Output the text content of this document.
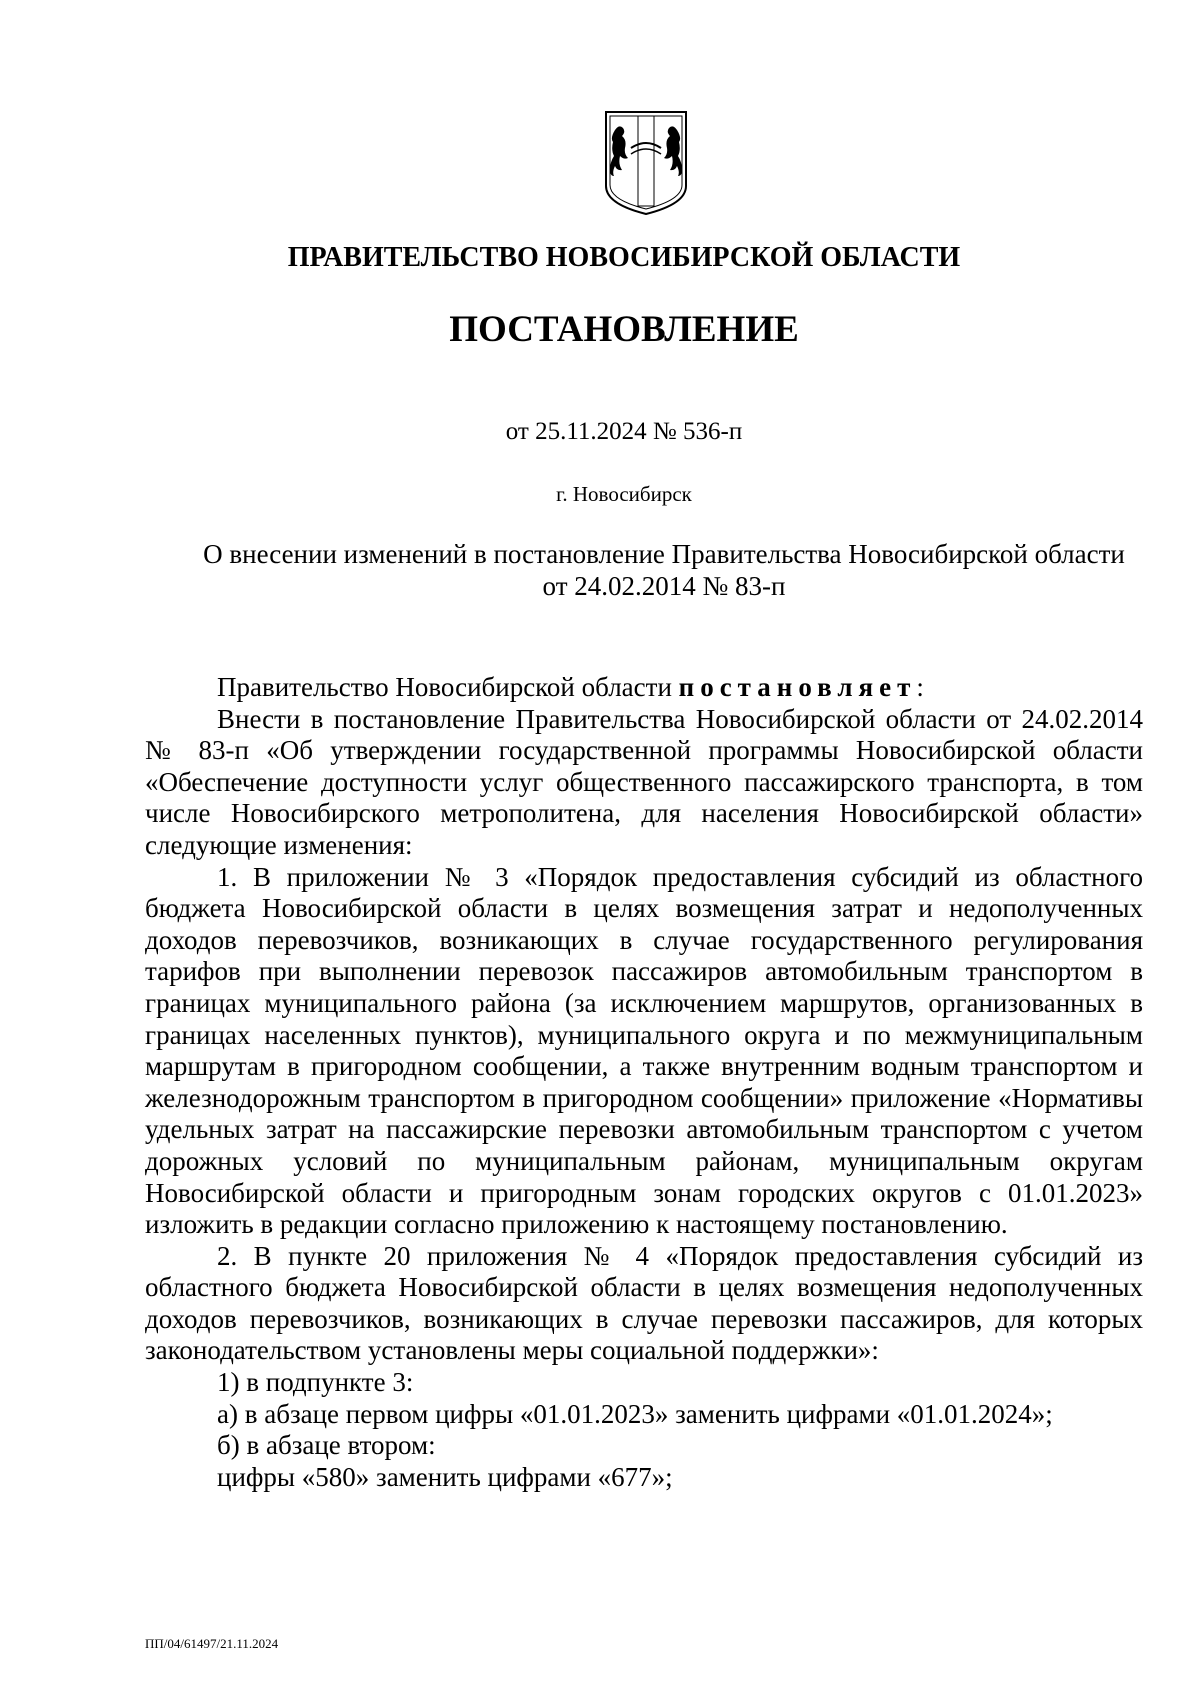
ПРАВИТЕЛЬСТВО НОВОСИБИРСКОЙ ОБЛАСТИ
ПОСТАНОВЛЕНИЕ
от 25.11.2024 № 536-п
г. Новосибирск
О внесении изменений в постановление Правительства Новосибирской области
от 24.02.2014 № 83-п

Правительство Новосибирской области постановляет:

Внести в постановление Правительства Новосибирской области от 24.02.2014 № 83-п «Об утверждении государственной программы Новосибирской области «Обеспечение доступности услуг общественного пассажирского транспорта, в том числе Новосибирского метрополитена, для населения Новосибирской области» следующие изменения:

1. В приложении № 3 «Порядок предоставления субсидий из областного бюджета Новосибирской области в целях возмещения затрат и недополученных доходов перевозчиков, возникающих в случае государственного регулирования тарифов при выполнении перевозок пассажиров автомобильным транспортом в границах муниципального района (за исключением маршрутов, организованных в границах населенных пунктов), муниципального округа и по межмуниципальным маршрутам в пригородном сообщении, а также внутренним водным транспортом и железнодорожным транспортом в пригородном сообщении» приложение «Нормативы удельных затрат на пассажирские перевозки автомобильным транспортом с учетом дорожных условий по муниципальным районам, муниципальным округам Новосибирской области и пригородным зонам городских округов с 01.01.2023» изложить в редакции согласно приложению к настоящему постановлению.

2. В пункте 20 приложения № 4 «Порядок предоставления субсидий из областного бюджета Новосибирской области в целях возмещения недополученных доходов перевозчиков, возникающих в случае перевозки пассажиров, для которых законодательством установлены меры социальной поддержки»:

1) в подпункте 3:

а) в абзаце первом цифры «01.01.2023» заменить цифрами «01.01.2024»;

б) в абзаце втором:

цифры «580» заменить цифрами «677»;

ПП/04/61497/21.11.2024
